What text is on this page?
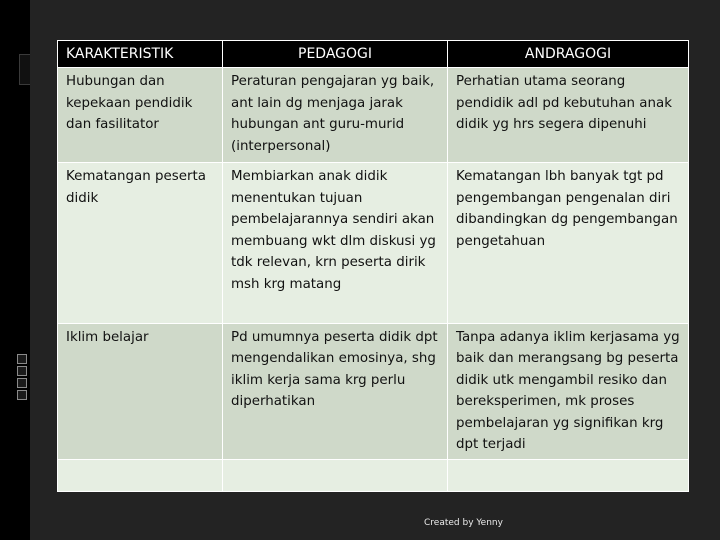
KARAKTERISTIK	PEDAGOGI	ANDRAGOGI
Hubungan dan kepekaan pendidik dan fasilitator	Peraturan pengajaran yg baik, ant lain dg menjaga jarak hubungan ant guru-murid (interpersonal)	Perhatian utama seorang pendidik adl pd kebutuhan anak didik yg hrs segera dipenuhi
Kematangan peserta didik	Membiarkan anak didik menentukan tujuan pembelajarannya sendiri akan membuang wkt dlm diskusi yg tdk relevan, krn peserta dirik msh krg matang	Kematangan lbh banyak tgt pd pengembangan pengenalan diri dibandingkan dg pengembangan pengetahuan
Iklim belajar	Pd umumnya peserta didik dpt mengendalikan emosinya, shg iklim kerja sama krg perlu diperhatikan	Tanpa adanya iklim kerjasama yg baik dan merangsang bg peserta didik utk mengambil resiko dan bereksperimen, mk proses pembelajaran yg signifikan krg dpt terjadi

Created by Yenny
